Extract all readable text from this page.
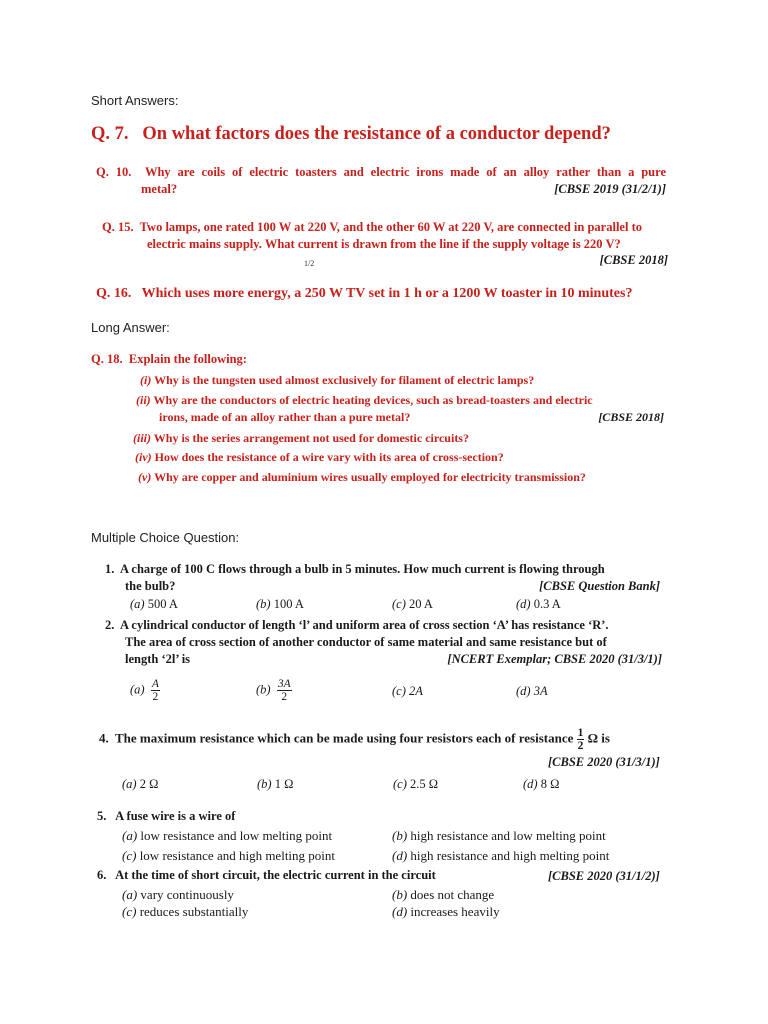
Short Answers:
Q. 7. On what factors does the resistance of a conductor depend?
Q. 10. Why are coils of electric toasters and electric irons made of an alloy rather than a pure
metal?	[CBSE 2019 (31/2/1)]
Q. 15. Two lamps, one rated 100 W at 220 V, and the other 60 W at 220 V, are connected in parallel to
electric mains supply. What current is drawn from the line if the supply voltage is 220 V?
1/2	[CBSE 2018]
Q. 16. Which uses more energy, a 250 W TV set in 1 h or a 1200 W toaster in 10 minutes?
Long Answer:
Q. 18. Explain the following:
(i) Why is the tungsten used almost exclusively for filament of electric lamps?
(ii) Why are the conductors of electric heating devices, such as bread-toasters and electric
irons, made of an alloy rather than a pure metal?	[CBSE 2018]
(iii) Why is the series arrangement not used for domestic circuits?
(iv) How does the resistance of a wire vary with its area of cross-section?
(v) Why are copper and aluminium wires usually employed for electricity transmission?
Multiple Choice Question:
1. A charge of 100 C flows through a bulb in 5 minutes. How much current is flowing through
the bulb?	[CBSE Question Bank]
(a) 500 A	(b) 100 A	(c) 20 A	(d) 0.3 A
2. A cylindrical conductor of length ‘l’ and uniform area of cross section ‘A’ has resistance ‘R’.
The area of cross section of another conductor of same material and same resistance but of
length ‘2l’ is	[NCERT Exemplar; CBSE 2020 (31/3/1)]
$(a) \frac{A}{2}$	$(b) \frac{3A}{2}$	(c) 2A	(d) 3A
4. The maximum resistance which can be made using four resistors each of resistance $\frac{1}{2}$ Ω is
[CBSE 2020 (31/3/1)]
(a) 2 Ω	(b) 1 Ω	(c) 2.5 Ω	(d) 8 Ω
5. A fuse wire is a wire of
(a) low resistance and low melting point	(b) high resistance and low melting point
(c) low resistance and high melting point	(d) high resistance and high melting point
6. At the time of short circuit, the electric current in the circuit	[CBSE 2020 (31/1/2)]
(a) vary continuously	(b) does not change
(c) reduces substantially	(d) increases heavily
